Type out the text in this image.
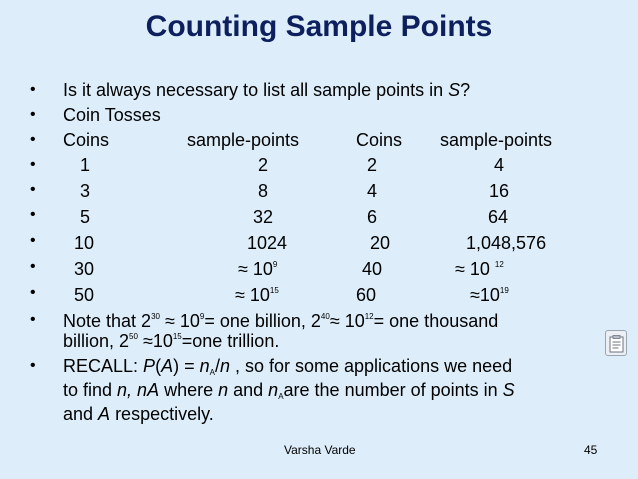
Counting Sample Points
•
•
•
•
•
•
•
•
•
•
•
Is it always necessary to list all sample points in S?
Coin Tosses
Coins	sample-points	Coins sample-points
1	2	2	4
3	8	4	16
5	32	6	64
10	1024	20	1,048,576
30	≈ $10^9$	40	≈ 10 $^{12}$
50	≈ $10^{15}$	60	$\approx 10^{19}$
Note that $2^{30} \approx 10^9=$ one billion, $2^{40}\approx 10^{12}=$ one thousand
billion, $2^{50} \approx 10^{15}=one$ trillion.
RECALL: $P(A) = n_A/n$ , so for some applications we need
to find n, nA where n and $n_Aare$ the number of points in S
and A respectively.
Varsha Varde	45
